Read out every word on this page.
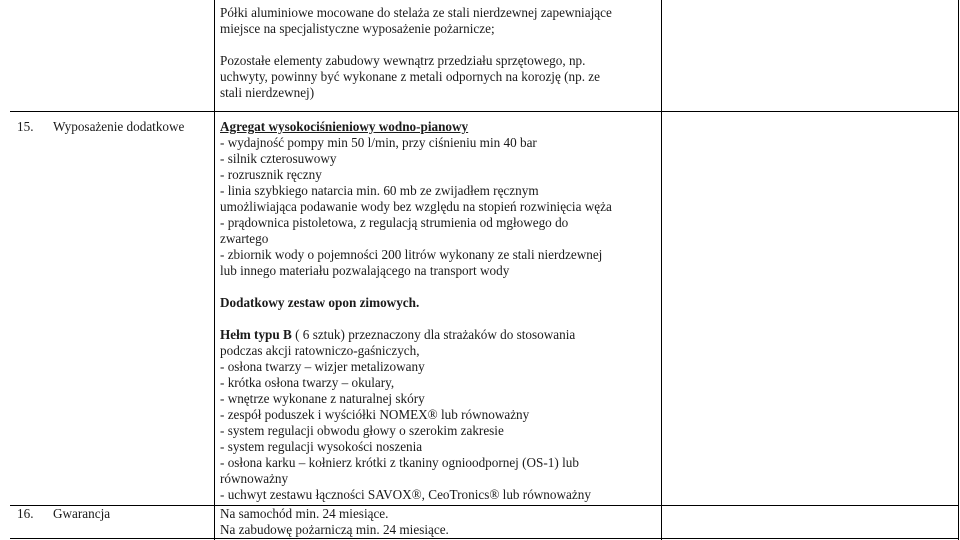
Półki aluminiowe mocowane do stelaża ze stali nierdzewnej zapewniające
miejsce na specjalistyczne wyposażenie pożarnicze;
Pozostałe elementy zabudowy wewnątrz przedziału sprzętowego, np.
uchwyty, powinny być wykonane z metali odpornych na korozję (np. ze
stali nierdzewnej)
15. Wyposażenie dodatkowe	Agregat wysokociśnieniowy wodno-pianowy
- wydajność pompy min 50 l/min, przy ciśnieniu min 40 bar
- silnik czterosuwowy
- rozrusznik ręczny
- linia szybkiego natarcia min. 60 mb ze zwijadłem ręcznym
umożliwiająca podawanie wody bez względu na stopień rozwinięcia węża
- prądownica pistoletowa, z regulacją strumienia od mgłowego do
zwartego
- zbiornik wody o pojemności 200 litrów wykonany ze stali nierdzewnej
lub innego materiału pozwalającego na transport wody
Dodatkowy zestaw opon zimowych.
Hełm typu B ( 6 sztuk) przeznaczony dla strażaków do stosowania
podczas akcji ratowniczo-gaśniczych,
- osłona twarzy – wizjer metalizowany
- krótka osłona twarzy – okulary,
- wnętrze wykonane z naturalnej skóry
- zespół poduszek i wyściółki NOMEX® lub równoważny
- system regulacji obwodu głowy o szerokim zakresie
- system regulacji wysokości noszenia
- osłona karku – kołnierz krótki z tkaniny ognioodpornej (OS-1) lub
równoważny
- uchwyt zestawu łączności SAVOX®, CeoTronics® lub równoważny
16. Gwarancja	Na samochód min. 24 miesiące.
Na zabudowę pożarniczą min. 24 miesiące.
